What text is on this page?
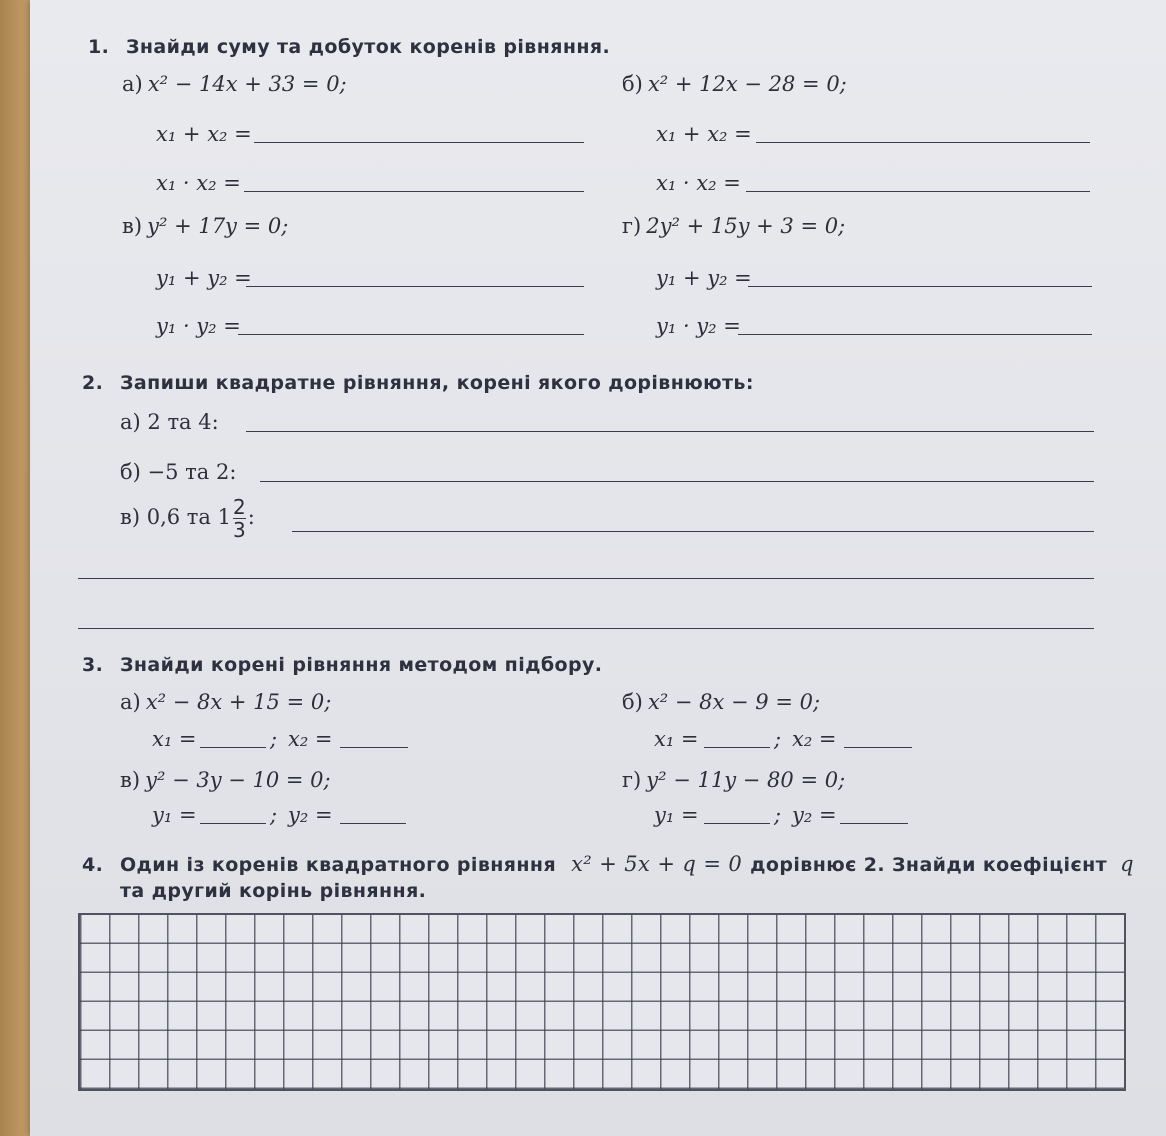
1. Знайди суму та добуток коренів рівняння.
а) x² − 14x + 33 = 0;
x₁ + x₂ =
x₁ · x₂ =
б) x² + 12x − 28 = 0;
x₁ + x₂ =
x₁ · x₂ =
в) y² + 17y = 0;
y₁ + y₂ =
y₁ · y₂ =
г) 2y² + 15y + 3 = 0;
y₁ + y₂ =
y₁ · y₂ =
2. Запиши квадратне рівняння, корені якого дорівнюють:
а) 2 та 4:
б) −5 та 2:
в) 0,6 та $1 \frac{2}{3}$ :
3. Знайди корені рівняння методом підбору.
а) x² − 8x + 15 = 0;
x₁ =	; x₂ =
б) x² − 8x − 9 = 0;
x₁ =	; x₂ =
в) y² − 3y − 10 = 0;
y₁ =	; y₂ =
г) y² − 11y − 80 = 0;
y₁ =	; y₂ =
4. Один із коренів квадратного рівняння x² + 5x + q = 0 дорівнює 2. Знайди коефіцієнт q
та другий корінь рівняння.
